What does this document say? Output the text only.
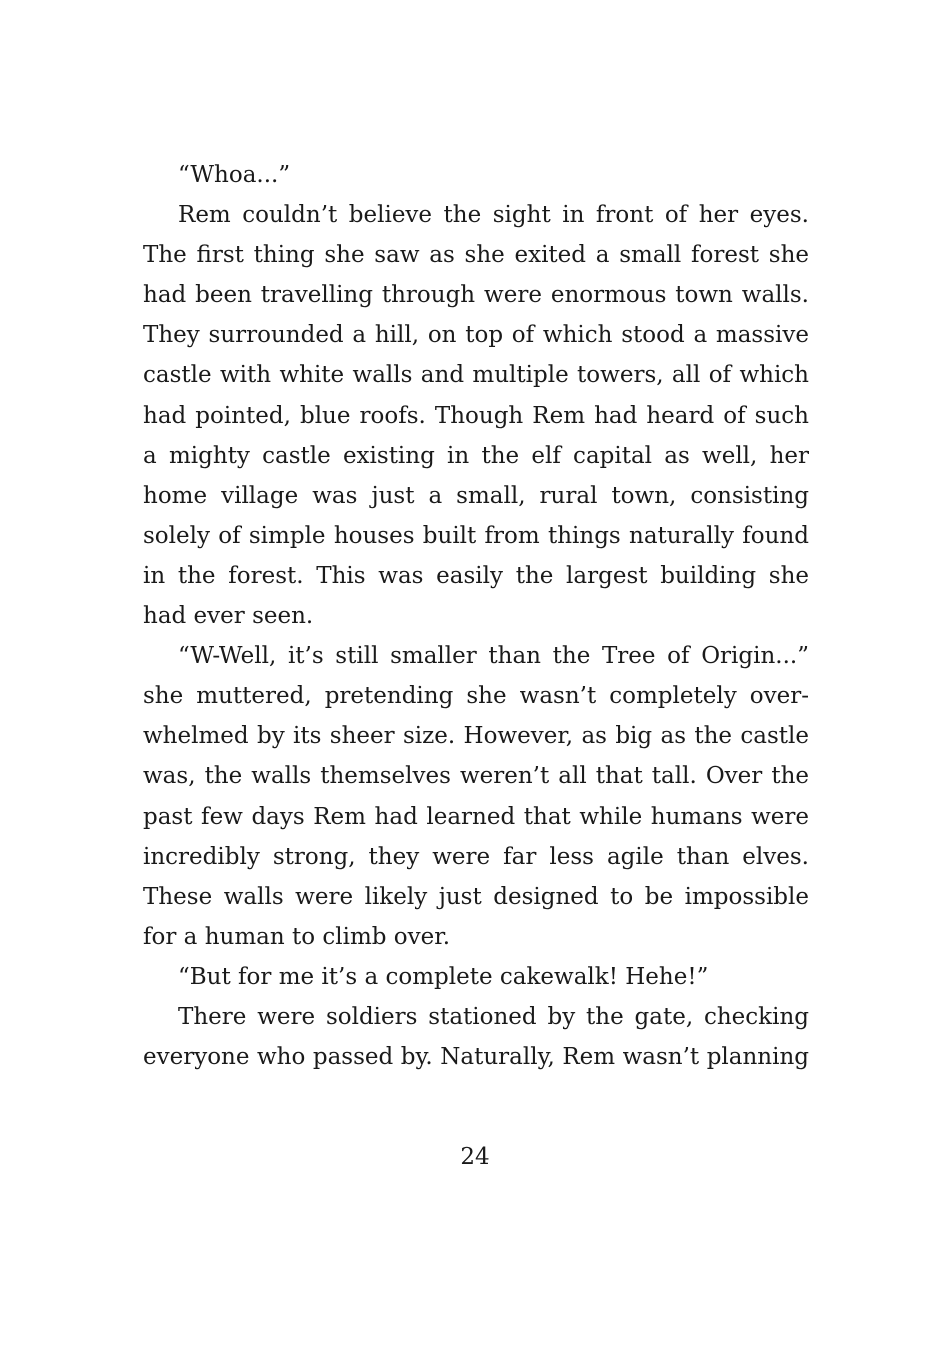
“Whoa...”

Rem couldn’t believe the sight in front of her eyes. The first thing she saw as she exited a small forest she had been travelling through were enormous town walls. They surrounded a hill, on top of which stood a massive castle with white walls and multiple towers, all of which had pointed, blue roofs. Though Rem had heard of such a mighty castle existing in the elf capital as well, her home village was just a small, rural town, consisting solely of simple houses built from things naturally found in the forest. This was easily the largest building she had ever seen.

“W-Well, it’s still smaller than the Tree of Origin...” she muttered, pretending she wasn’t completely overwhelmed by its sheer size. However, as big as the castle was, the walls themselves weren’t all that tall. Over the past few days Rem had learned that while humans were incredibly strong, they were far less agile than elves. These walls were likely just designed to be impossible for a human to climb over.

“But for me it’s a complete cakewalk! Hehe!”

There were soldiers stationed by the gate, checking everyone who passed by. Naturally, Rem wasn’t planning

24
